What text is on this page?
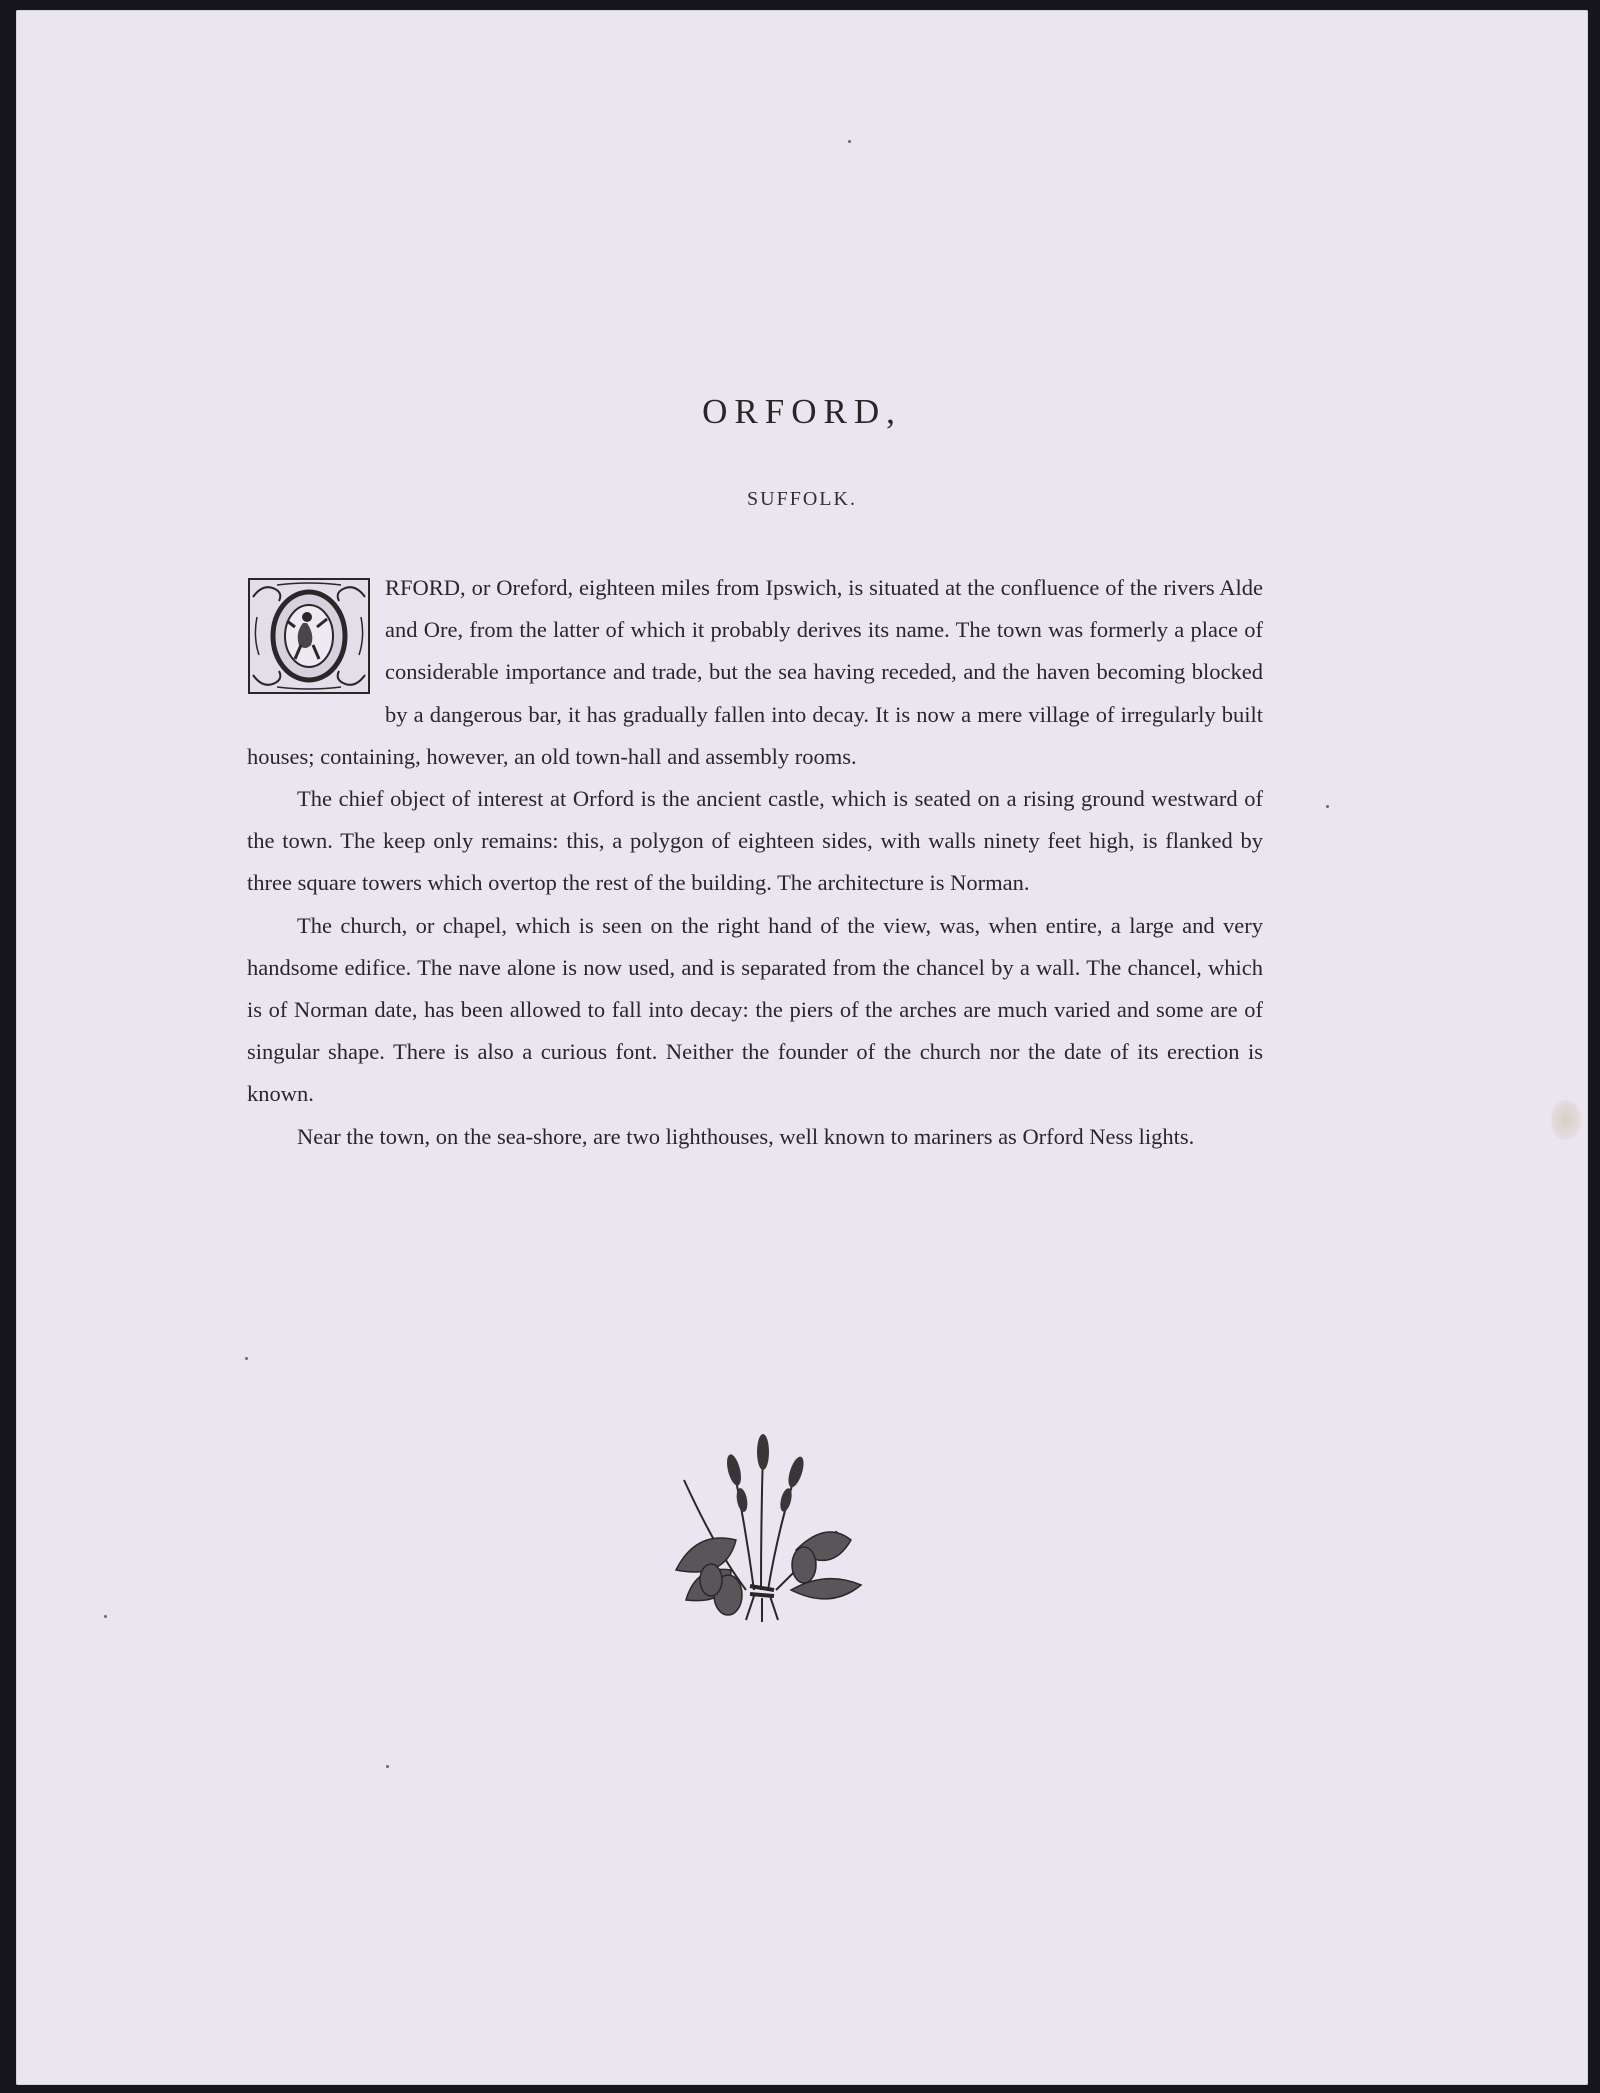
ORFORD,
SUFFOLK.

O
RFORD, or Oreford, eighteen miles from Ipswich, is situated at the confluence of the rivers Alde and Ore, from the latter of which it probably derives its name. The town was formerly a place of considerable importance and trade, but the sea having receded, and the haven becoming blocked by a dangerous bar, it has gradually fallen into decay. It is now a mere village of irregularly built houses; containing, however, an old town-hall and assembly rooms.

The chief object of interest at Orford is the ancient castle, which is seated on a rising ground westward of the town. The keep only remains: this, a polygon of eighteen sides, with walls ninety feet high, is flanked by three square towers which overtop the rest of the building. The architecture is Norman.

The church, or chapel, which is seen on the right hand of the view, was, when entire, a large and very handsome edifice. The nave alone is now used, and is separated from the chancel by a wall. The chancel, which is of Norman date, has been allowed to fall into decay: the piers of the arches are much varied and some are of singular shape. There is also a curious font. Neither the founder of the church nor the date of its erection is known.

Near the town, on the sea-shore, are two lighthouses, well known to mariners as Orford Ness lights.
